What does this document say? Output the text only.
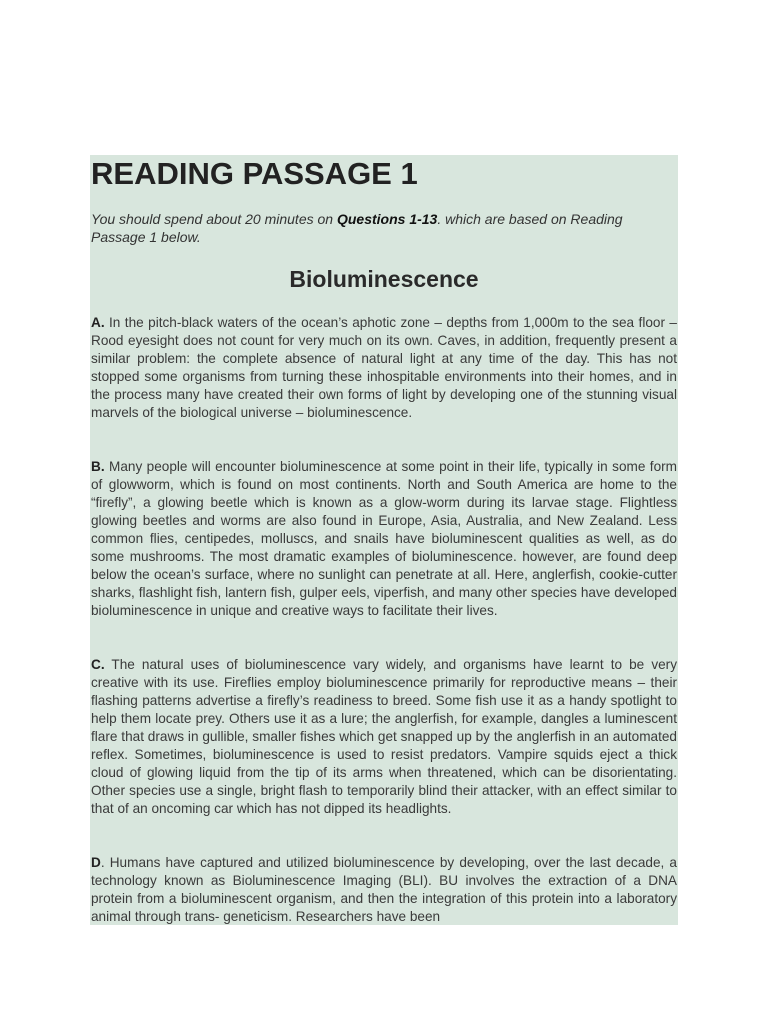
READING PASSAGE 1

You should spend about 20 minutes on Questions 1-13. which are based on Reading Passage 1 below.

Bioluminescence

A. In the pitch-black waters of the ocean’s aphotic zone – depths from 1,000m to the sea floor – Rood eyesight does not count for very much on its own. Caves, in addition, frequently present a similar problem: the complete absence of natural light at any time of the day. This has not stopped some organisms from turning these inhospitable environments into their homes, and in the process many have created their own forms of light by developing one of the stunning visual marvels of the biological universe – bioluminescence.

B. Many people will encounter bioluminescence at some point in their life, typically in some form of glowworm, which is found on most continents. North and South America are home to the “firefly”, a glowing beetle which is known as a glow-worm during its larvae stage. Flightless glowing beetles and worms are also found in Europe, Asia, Australia, and New Zealand. Less common flies, centipedes, molluscs, and snails have bioluminescent qualities as well, as do some mushrooms. The most dramatic examples of bioluminescence. however, are found deep below the ocean’s surface, where no sunlight can penetrate at all. Here, anglerfish, cookie-cutter sharks, flashlight fish, lantern fish, gulper eels, viperfish, and many other species have developed bioluminescence in unique and creative ways to facilitate their lives.

C. The natural uses of bioluminescence vary widely, and organisms have learnt to be very creative with its use. Fireflies employ bioluminescence primarily for reproductive means – their flashing patterns advertise a firefly’s readiness to breed. Some fish use it as a handy spotlight to help them locate prey. Others use it as a lure; the anglerfish, for example, dangles a luminescent flare that draws in gullible, smaller fishes which get snapped up by the anglerfish in an automated reflex. Sometimes, bioluminescence is used to resist predators. Vampire squids eject a thick cloud of glowing liquid from the tip of its arms when threatened, which can be disorientating. Other species use a single, bright flash to temporarily blind their attacker, with an effect similar to that of an oncoming car which has not dipped its headlights.

D. Humans have captured and utilized bioluminescence by developing, over the last decade, a technology known as Bioluminescence Imaging (BLI). BU involves the extraction of a DNA protein from a bioluminescent organism, and then the integration of this protein into a laboratory animal through trans- geneticism. Researchers have been
